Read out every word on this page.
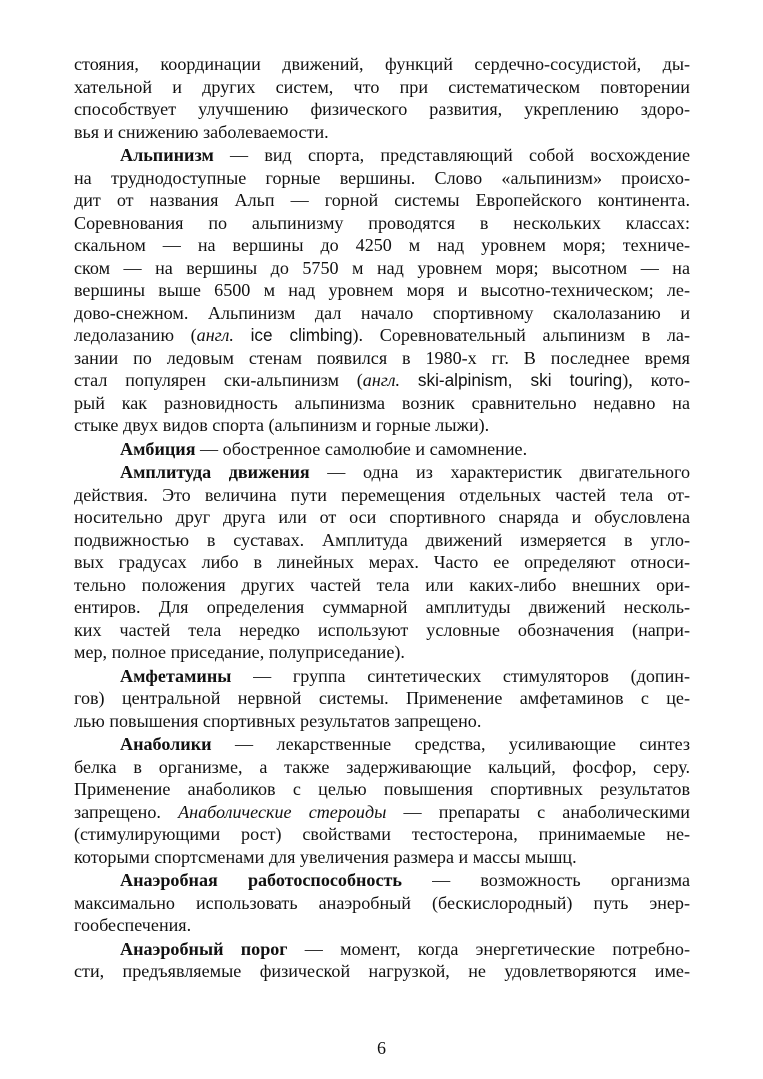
стояния, координации движений, функций сердечно-сосудистой, ды-
хательной и других систем, что при систематическом повторении
способствует улучшению физического развития, укреплению здоро-
вья и снижению заболеваемости.
Альпинизм — вид спорта, представляющий собой восхождение
на труднодоступные горные вершины. Слово «альпинизм» происхо-
дит от названия Альп — горной системы Европейского континента.
Соревнования по альпинизму проводятся в нескольких классах:
скальном — на вершины до 4250 м над уровнем моря; техниче-
ском — на вершины до 5750 м над уровнем моря; высотном — на
вершины выше 6500 м над уровнем моря и высотно-техническом; ле-
дово-снежном. Альпинизм дал начало спортивному скалолазанию и
ледолазанию (англ. ice climbing). Соревновательный альпинизм в ла-
зании по ледовым стенам появился в 1980-х гг. В последнее время
стал популярен ски-альпинизм (англ. ski-alpinism, ski touring), кото-
рый как разновидность альпинизма возник сравнительно недавно на
стыке двух видов спорта (альпинизм и горные лыжи).
Амбиция — обостренное самолюбие и самомнение.
Амплитуда движения — одна из характеристик двигательного
действия. Это величина пути перемещения отдельных частей тела от-
носительно друг друга или от оси спортивного снаряда и обусловлена
подвижностью в суставах. Амплитуда движений измеряется в угло-
вых градусах либо в линейных мерах. Часто ее определяют относи-
тельно положения других частей тела или каких-либо внешних ори-
ентиров. Для определения суммарной амплитуды движений несколь-
ких частей тела нередко используют условные обозначения (напри-
мер, полное приседание, полуприседание).
Амфетамины — группа синтетических стимуляторов (допин-
гов) центральной нервной системы. Применение амфетаминов с це-
лью повышения спортивных результатов запрещено.
Анаболики — лекарственные средства, усиливающие синтез
белка в организме, а также задерживающие кальций, фосфор, серу.
Применение анаболиков с целью повышения спортивных результатов
запрещено. Анаболические стероиды — препараты с анаболическими
(стимулирующими рост) свойствами тестостерона, принимаемые не-
которыми спортсменами для увеличения размера и массы мышц.
Анаэробная работоспособность — возможность организма
максимально использовать анаэробный (бескислородный) путь энер-
гообеспечения.
Анаэробный порог — момент, когда энергетические потребно-
сти, предъявляемые физической нагрузкой, не удовлетворяются име-
6
